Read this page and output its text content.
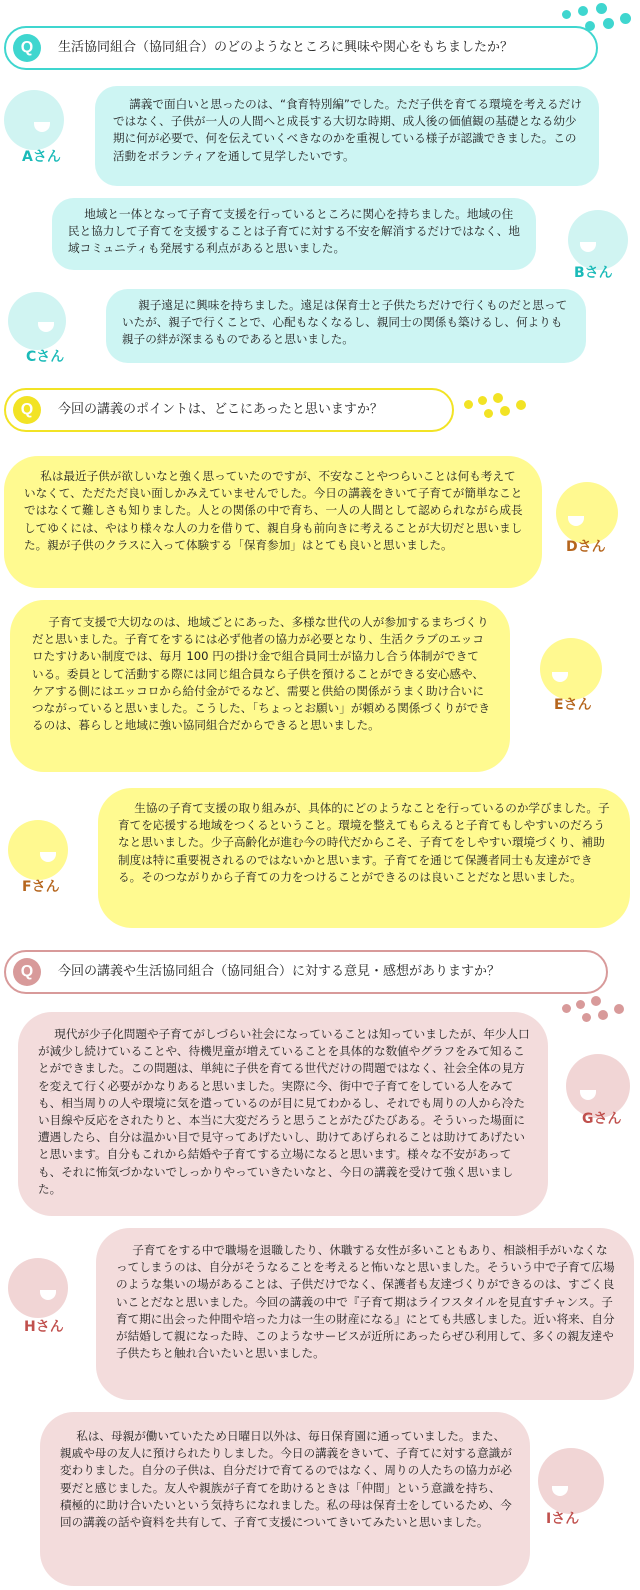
Q	生活協同組合（協同組合）のどのようなところに興味や関心をもちましたか？
Aさん

講義で面白いと思ったのは、“食育特別編”でした。ただ子供を育てる環境を考えるだけではなく、子供が一人の人間へと成長する大切な時期、成人後の価値観の基礎となる幼少期に何が必要で、何を伝えていくべきなのかを重視している様子が認識できました。この活動をボランティアを通して見学したいです。

地域と一体となって子育て支援を行っているところに関心を持ちました。地域の住民と協力して子育てを支援することは子育てに対する不安を解消するだけではなく、地域コミュニティも発展する利点があると思いました。

Bさん
Cさん

親子遠足に興味を持ちました。遠足は保育士と子供たちだけで行くものだと思っていたが、親子で行くことで、心配もなくなるし、親同士の関係も築けるし、何よりも親子の絆が深まるものであると思いました。

Q	今回の講義のポイントは、どこにあったと思いますか？

私は最近子供が欲しいなと強く思っていたのですが、不安なことやつらいことは何も考えていなくて、ただただ良い面しかみえていませんでした。今日の講義をきいて子育てが簡単なことではなくて難しさも知りました。人との関係の中で育ち、一人の人間として認められながら成長してゆくには、やはり様々な人の力を借りて、親自身も前向きに考えることが大切だと思いました。親が子供のクラスに入って体験する「保育参加」はとても良いと思いました。	Dさん

子育て支援で大切なのは、地域ごとにあった、多様な世代の人が参加するまちづくりだと思いました。子育てをするには必ず他者の協力が必要となり、生活クラブのエッコロたすけあい制度では、毎月 100 円の掛け金で組合員同士が協力し合う体制ができている。委員として活動する際には同じ組合員なら子供を預けることができる安心感や、ケアする側にはエッコロから給付金がでるなど、需要と供給の関係がうまく助け合いにつながっていると思いました。こうした、「ちょっとお願い」が頼める関係づくりができるのは、暮らしと地域に強い協同組合だからできると思いました。

Eさん
Fさん

生協の子育て支援の取り組みが、具体的にどのようなことを行っているのか学びました。子育てを応援する地域をつくるということ。環境を整えてもらえると子育てもしやすいのだろうなと思いました。少子高齢化が進む今の時代だからこそ、子育てをしやすい環境づくり、補助制度は特に重要視されるのではないかと思います。子育てを通じて保護者同士も友達ができる。そのつながりから子育ての力をつけることができるのは良いことだなと思いました。

Q	今回の講義や生活協同組合（協同組合）に対する意見・感想がありますか？

現代が少子化問題や子育てがしづらい社会になっていることは知っていましたが、年少人口が減少し続けていることや、待機児童が増えていることを具体的な数値やグラフをみて知ることができました。この問題は、単純に子供を育てる世代だけの問題ではなく、社会全体の見方を変えて行く必要がかなりあると思いました。実際に今、街中で子育てをしている人をみても、相当周りの人や環境に気を遣っているのが目に見てわかるし、それでも周りの人から冷たい目線や反応をされたりと、本当に大変だろうと思うことがたびたびある。そういった場面に遭遇したら、自分は温かい目で見守ってあげたいし、助けてあげられることは助けてあげたいと思います。自分もこれから結婚や子育てする立場になると思います。様々な不安があっても、それに怖気づかないでしっかりやっていきたいなと、今日の講義を受けて強く思いました。

Gさん
Hさん

子育てをする中で職場を退職したり、休職する女性が多いこともあり、相談相手がいなくなってしまうのは、自分がそうなることを考えると怖いなと思いました。そういう中で子育て広場のような集いの場があることは、子供だけでなく、保護者も友達づくりができるのは、すごく良いことだなと思いました。今回の講義の中で『子育て期はライフスタイルを見直すチャンス。子育て期に出会った仲間や培った力は一生の財産になる』にとても共感しました。近い将来、自分が結婚して親になった時、このようなサービスが近所にあったらぜひ利用して、多くの親友達や子供たちと触れ合いたいと思いました。

私は、母親が働いていたため日曜日以外は、毎日保育園に通っていました。また、親戚や母の友人に預けられたりしました。今日の講義をきいて、子育てに対する意識が変わりました。自分の子供は、自分だけで育てるのではなく、周りの人たちの協力が必要だと感じました。友人や親族が子育てを助けるときは「仲間」という意識を持ち、積極的に助け合いたいという気持ちになれました。私の母は保育士をしているため、今回の講義の話や資料を共有して、子育て支援についてきいてみたいと思いました。	Iさん
